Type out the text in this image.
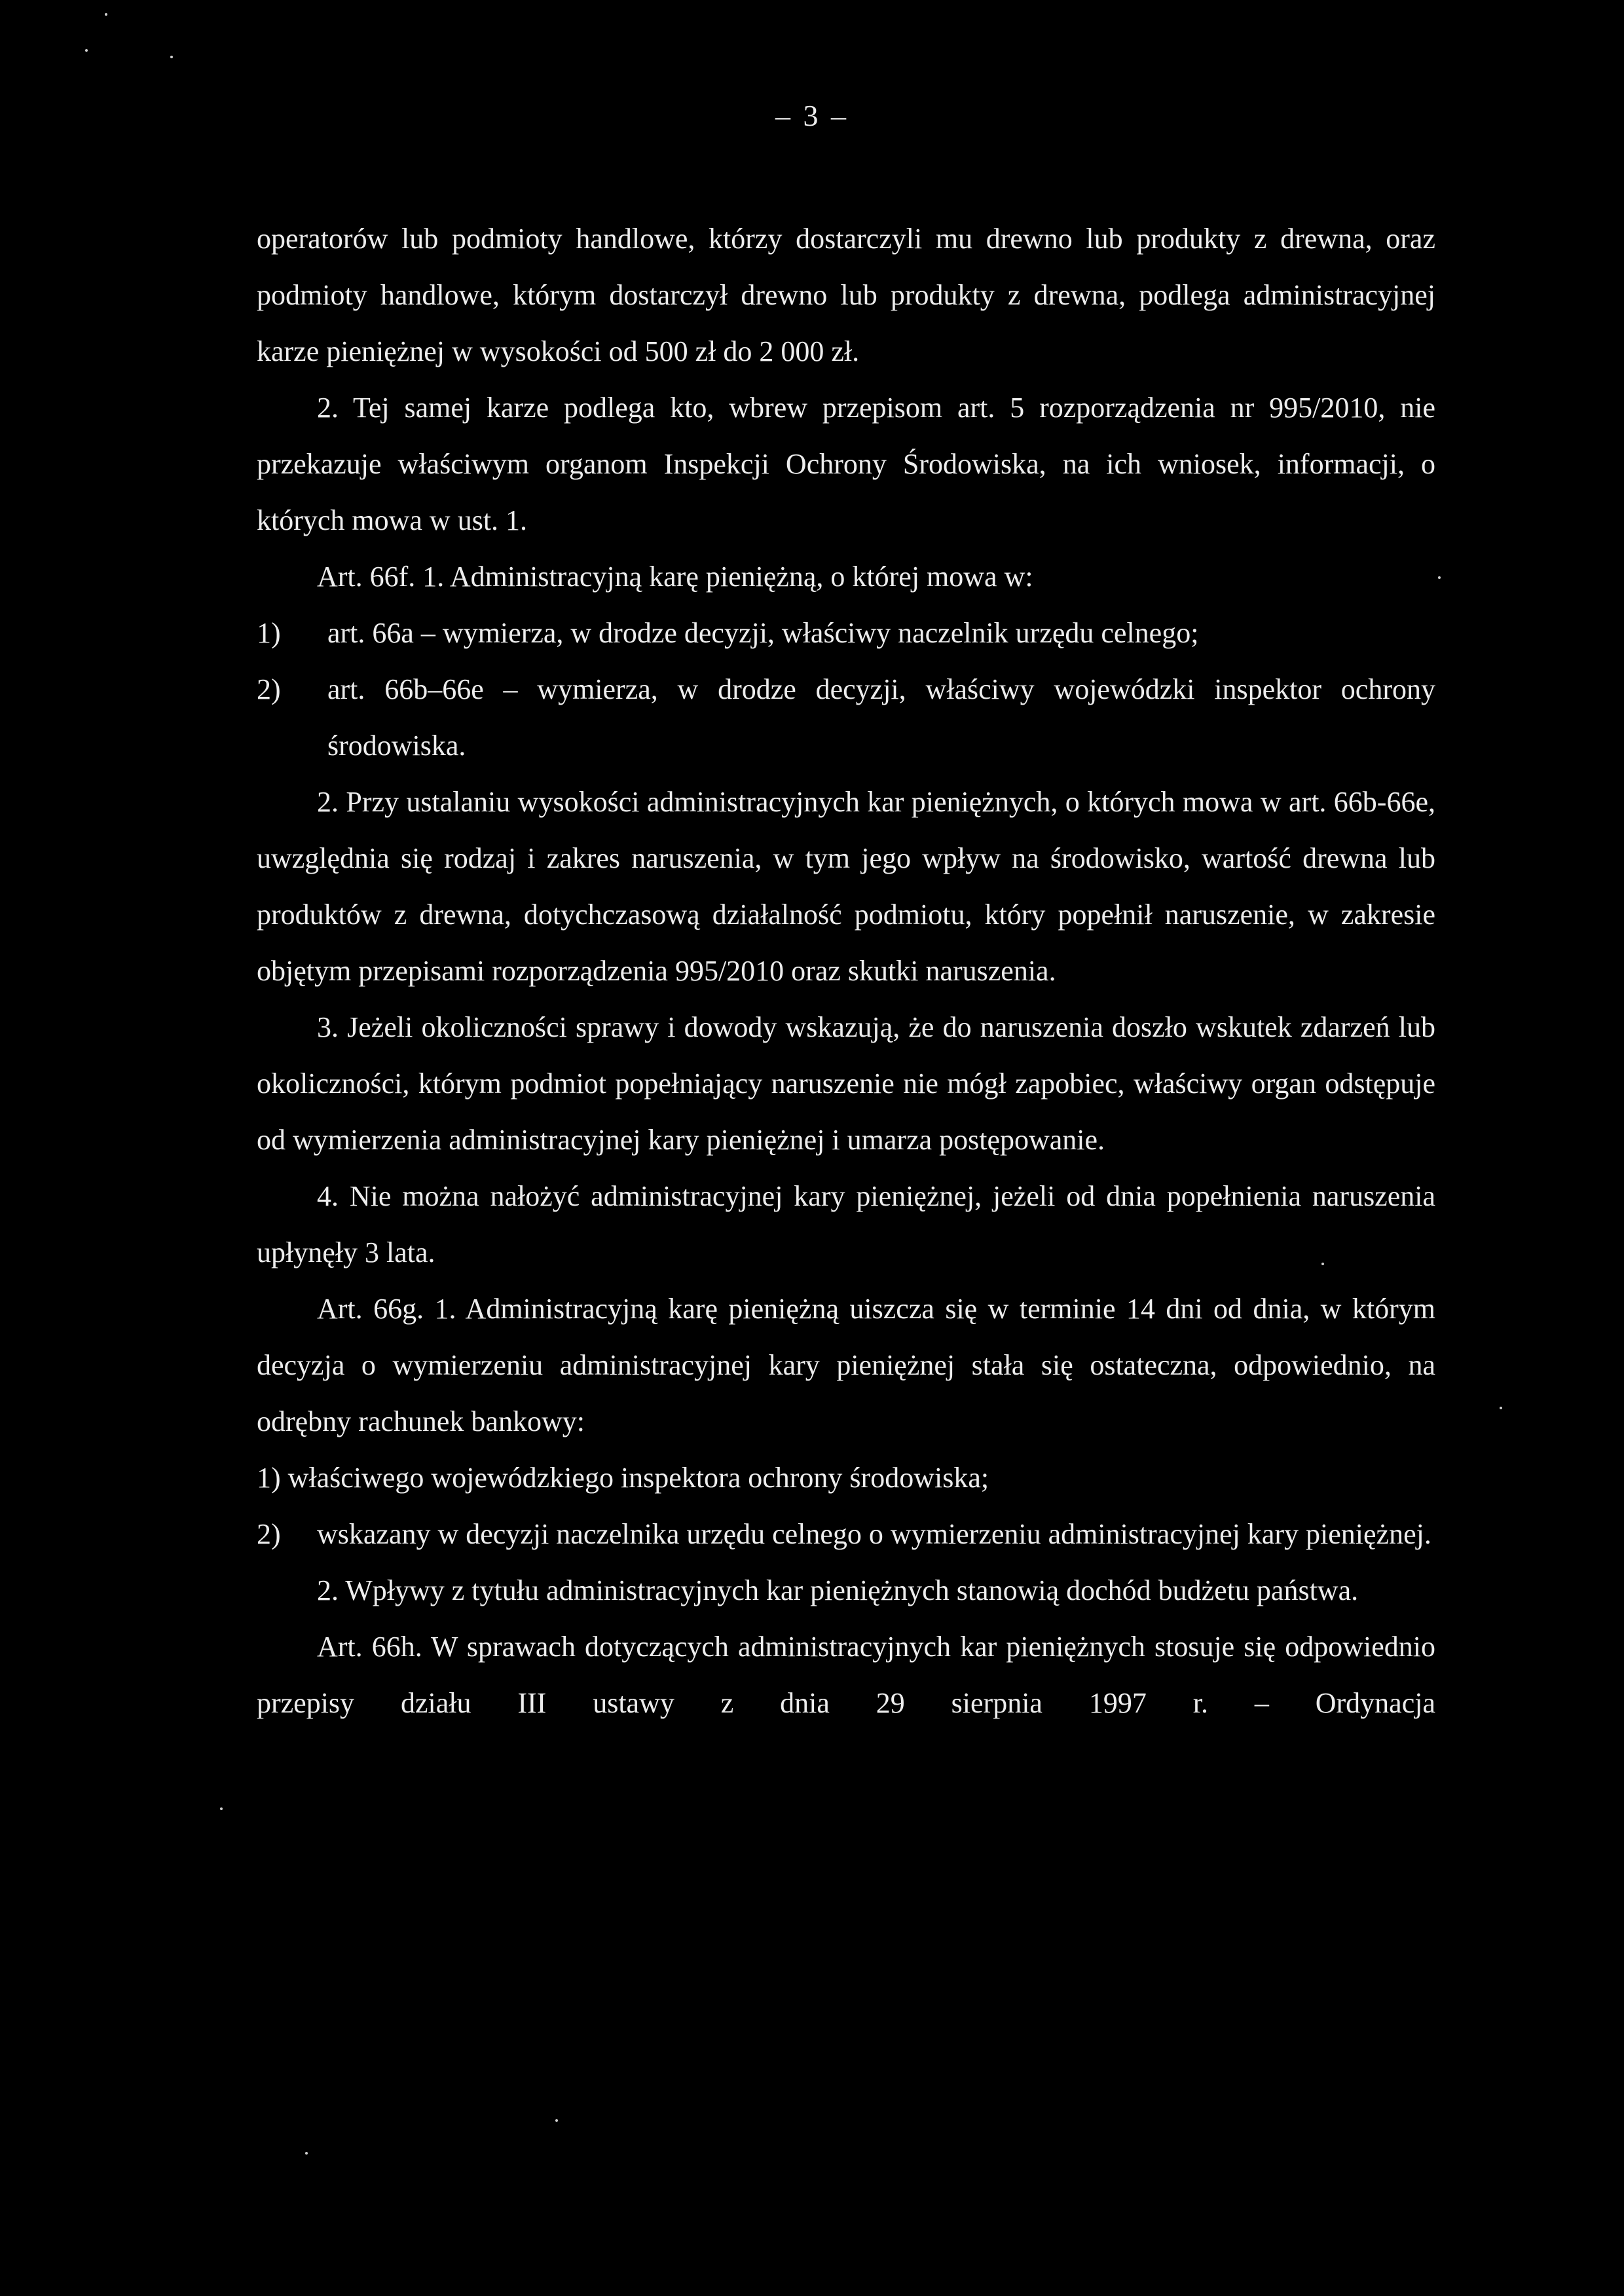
– 3 –

operatorów lub podmioty handlowe, którzy dostarczyli mu drewno lub produkty z drewna, oraz podmioty handlowe, którym dostarczył drewno lub produkty z drewna, podlega administracyjnej karze pieniężnej w wysokości od 500 zł do 2 000 zł.

2. Tej samej karze podlega kto, wbrew przepisom art. 5 rozporządzenia nr 995/2010, nie przekazuje właściwym organom Inspekcji Ochrony Środowiska, na ich wniosek, informacji, o których mowa w ust. 1.

Art. 66f. 1. Administracyjną karę pieniężną, o której mowa w:

1) art. 66a – wymierza, w drodze decyzji, właściwy naczelnik urzędu celnego;
2) art. 66b–66e – wymierza, w drodze decyzji, właściwy wojewódzki inspektor ochrony środowiska.

2. Przy ustalaniu wysokości administracyjnych kar pieniężnych, o których mowa w art. 66b-66e, uwzględnia się rodzaj i zakres naruszenia, w tym jego wpływ na środowisko, wartość drewna lub produktów z drewna, dotychczasową działalność podmiotu, który popełnił naruszenie, w zakresie objętym przepisami rozporządzenia 995/2010 oraz skutki naruszenia.

3. Jeżeli okoliczności sprawy i dowody wskazują, że do naruszenia doszło wskutek zdarzeń lub okoliczności, którym podmiot popełniający naruszenie nie mógł zapobiec, właściwy organ odstępuje od wymierzenia administracyjnej kary pieniężnej i umarza postępowanie.

4. Nie można nałożyć administracyjnej kary pieniężnej, jeżeli od dnia popełnienia naruszenia upłynęły 3 lata.

Art. 66g. 1. Administracyjną karę pieniężną uiszcza się w terminie 14 dni od dnia, w którym decyzja o wymierzeniu administracyjnej kary pieniężnej stała się ostateczna, odpowiednio, na odrębny rachunek bankowy:

1) właściwego wojewódzkiego inspektora ochrony środowiska;

2) wskazany w decyzji naczelnika urzędu celnego o wymierzeniu administracyjnej kary pieniężnej.

2. Wpływy z tytułu administracyjnych kar pieniężnych stanowią dochód budżetu państwa.

Art. 66h. W sprawach dotyczących administracyjnych kar pieniężnych stosuje się odpowiednio przepisy działu III ustawy z dnia 29 sierpnia 1997 r. – Ordynacja
